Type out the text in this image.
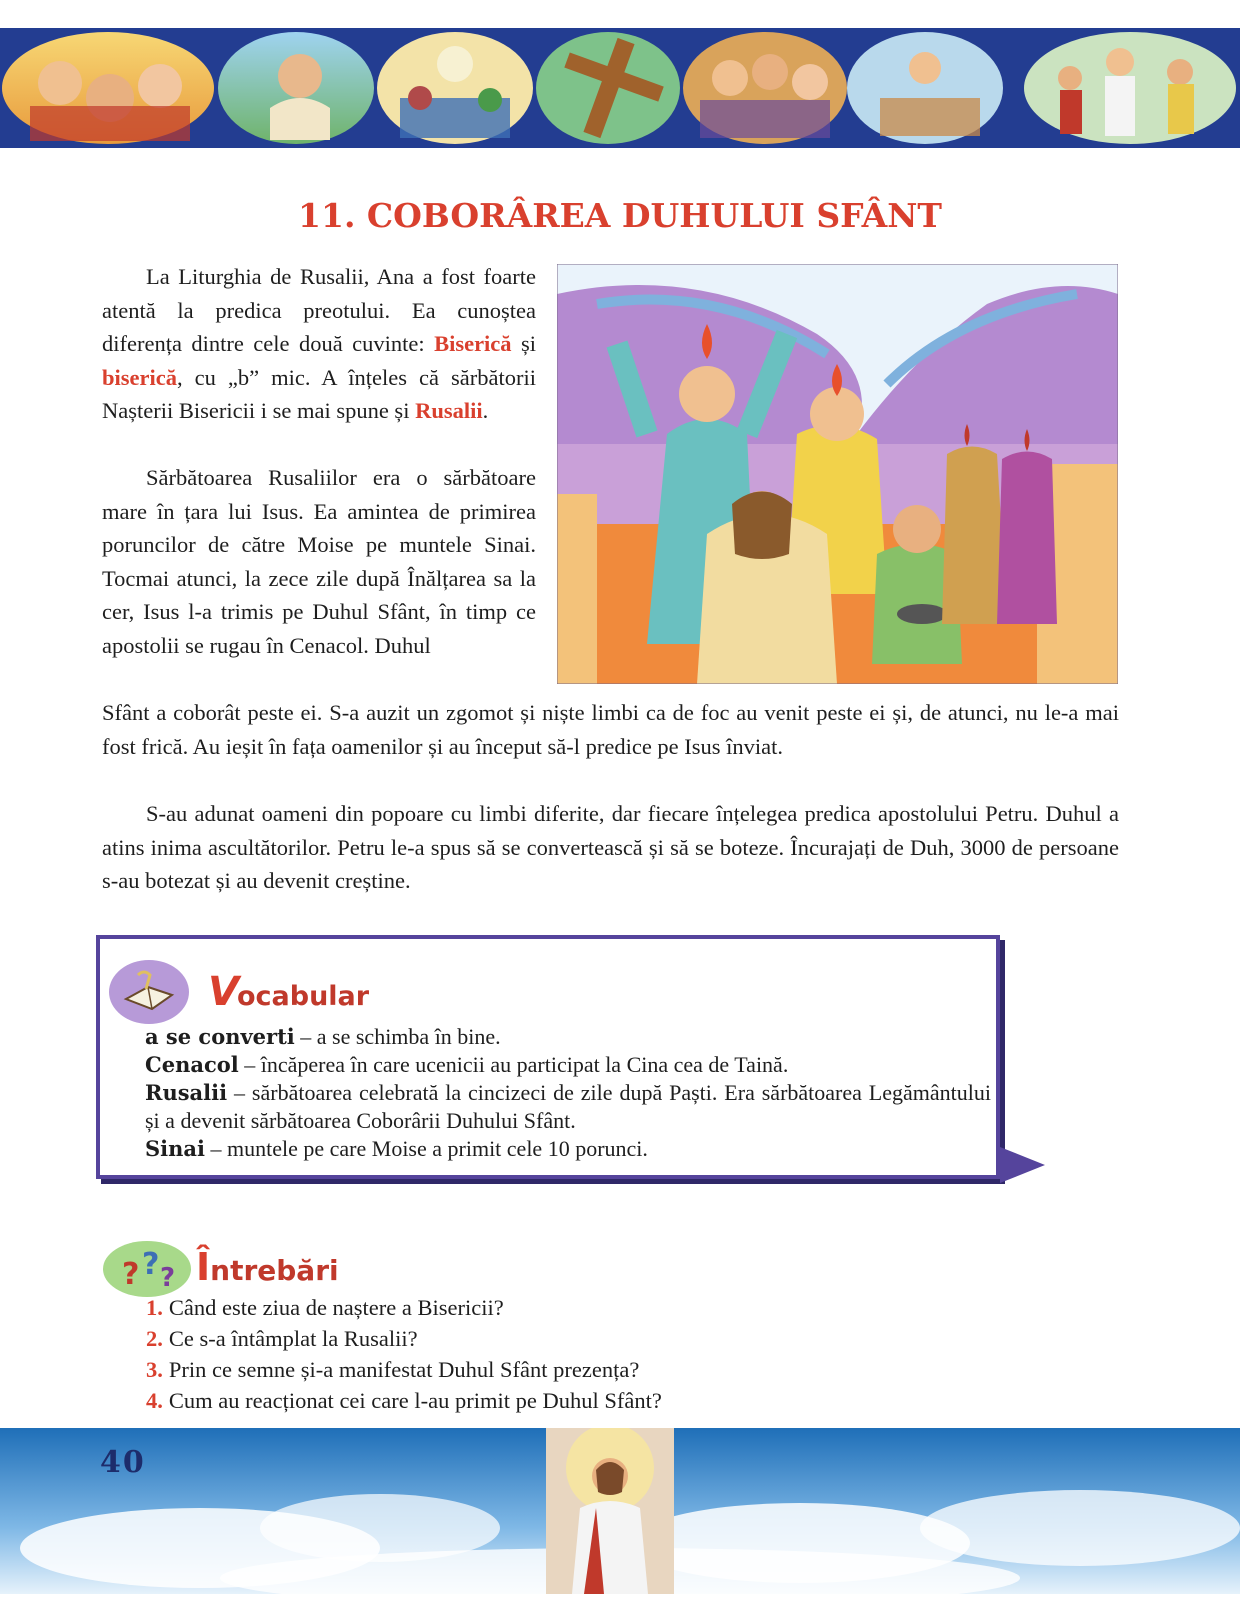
11. COBORÂREA DUHULUI SFÂNT

La Liturghia de Rusalii, Ana a fost foarte atentă la predica preotului. Ea cunoștea diferența dintre cele două cuvinte: Biserică și biserică, cu „b” mic. A înțeles că sărbătorii Nașterii Bisericii i se mai spune și Rusalii.

Sărbătoarea Rusaliilor era o sărbătoare mare în țara lui Isus. Ea amintea de primirea poruncilor de către Moise pe muntele Sinai. Tocmai atunci, la zece zile după Înălțarea sa la cer, Isus l-a trimis pe Duhul Sfânt, în timp ce apostolii se rugau în Cenacol. Duhul

Sfânt a coborât peste ei. S-a auzit un zgomot și niște limbi ca de foc au venit peste ei și, de atunci, nu le-a mai fost frică. Au ieșit în fața oamenilor și au început să-l predice pe Isus înviat.

S-au adunat oameni din popoare cu limbi diferite, dar fiecare înțelegea predica apostolului Petru. Duhul a atins inima ascultătorilor. Petru le-a spus să se convertească și să se boteze. Încurajați de Duh, 3000 de persoane s-au botezat și au devenit creștine.

Vocabular
a se converti – a se schimba în bine.
Cenacol – încăperea în care ucenicii au participat la Cina cea de Taină.
Rusalii – sărbătoarea celebrată la cincizeci de zile după Paști. Era sărbătoarea Legământului și a devenit sărbătoarea Coborârii Duhului Sfânt.
Sinai – muntele pe care Moise a primit cele 10 porunci.
? ? ? Întrebări
1. Când este ziua de naștere a Bisericii?
2. Ce s-a întâmplat la Rusalii?
3. Prin ce semne și-a manifestat Duhul Sfânt prezența?
4. Cum au reacționat cei care l-au primit pe Duhul Sfânt?
40
